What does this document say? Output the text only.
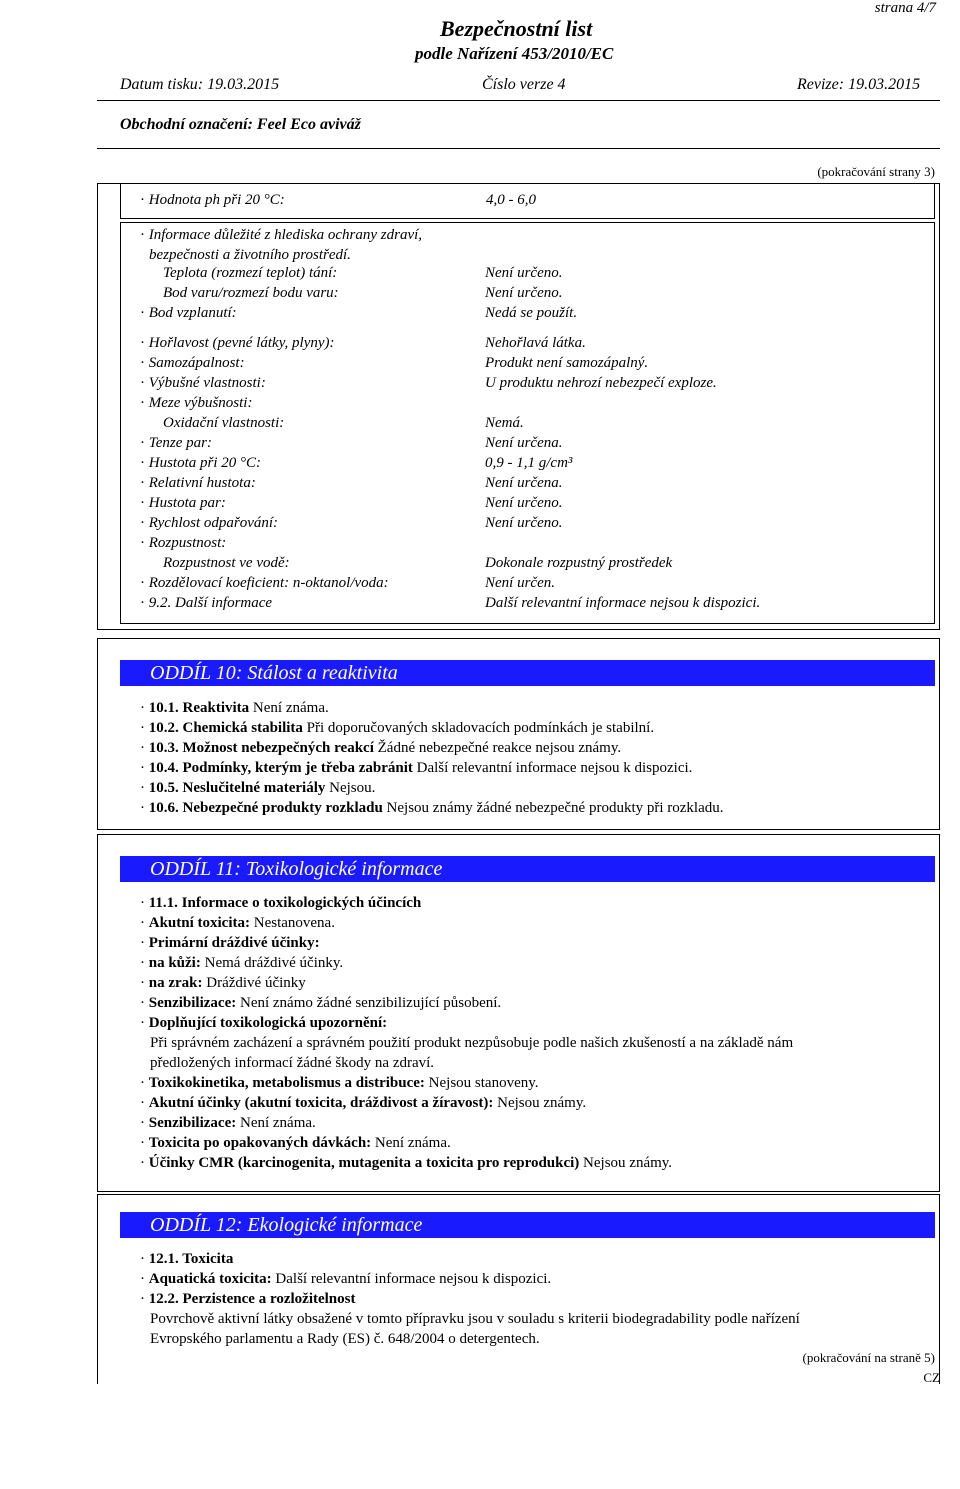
strana 4/7
Bezpečnostní list
podle Nařízení 453/2010/EC
Datum tisku: 19.03.2015	Číslo verze 4	Revize: 19.03.2015
Obchodní označení: Feel Eco aviváž
(pokračování strany 3)
· Hodnota ph při 20 °C:	4,0 - 6,0
· Informace důležité z hlediska ochrany zdraví,
bezpečnosti a životního prostředí.
Teplota (rozmezí teplot) tání:	Není určeno.
Bod varu/rozmezí bodu varu:	Není určeno.
· Bod vzplanutí:	Nedá se použít.
· Hořlavost (pevné látky, plyny):	Nehořlavá látka.
· Samozápalnost:	Produkt není samozápalný.
· Výbušné vlastnosti:	U produktu nehrozí nebezpečí exploze.
· Meze výbušnosti:
Oxidační vlastnosti:	Nemá.
· Tenze par:	Není určena.
· Hustota při 20 °C:	0,9 - 1,1 g/cm³
· Relativní hustota:	Není určena.
· Hustota par:	Není určeno.
· Rychlost odpařování:	Není určeno.
· Rozpustnost:
Rozpustnost ve vodě:	Dokonale rozpustný prostředek
· Rozdělovací koeficient: n-oktanol/voda:	Není určen.
· 9.2. Další informace	Další relevantní informace nejsou k dispozici.
ODDÍL 10: Stálost a reaktivita
· 10.1. Reaktivita Není známa.
· 10.2. Chemická stabilita Při doporučovaných skladovacích podmínkách je stabilní.
· 10.3. Možnost nebezpečných reakcí Žádné nebezpečné reakce nejsou známy.
· 10.4. Podmínky, kterým je třeba zabránit Další relevantní informace nejsou k dispozici.
· 10.5. Neslučitelné materiály Nejsou.
· 10.6. Nebezpečné produkty rozkladu Nejsou známy žádné nebezpečné produkty při rozkladu.
ODDÍL 11: Toxikologické informace
· 11.1. Informace o toxikologických účincích
· Akutní toxicita: Nestanovena.
· Primární dráždivé účinky:
· na kůži: Nemá dráždivé účinky.
· na zrak: Dráždivé účinky
· Senzibilizace: Není známo žádné senzibilizující působení.
· Doplňující toxikologická upozornění:
Při správném zacházení a správném použití produkt nezpůsobuje podle našich zkušeností a na základě nám
předložených informací žádné škody na zdraví.
· Toxikokinetika, metabolismus a distribuce: Nejsou stanoveny.
· Akutní účinky (akutní toxicita, dráždivost a žíravost): Nejsou známy.
· Senzibilizace: Není známa.
· Toxicita po opakovaných dávkách: Není známa.
· Účinky CMR (karcinogenita, mutagenita a toxicita pro reprodukci) Nejsou známy.
ODDÍL 12: Ekologické informace
· 12.1. Toxicita
· Aquatická toxicita: Další relevantní informace nejsou k dispozici.
· 12.2. Perzistence a rozložitelnost
Povrchově aktivní látky obsažené v tomto přípravku jsou v souladu s kriterii biodegradability podle nařízení
Evropského parlamentu a Rady (ES) č. 648/2004 o detergentech.
(pokračování na straně 5)
CZ
